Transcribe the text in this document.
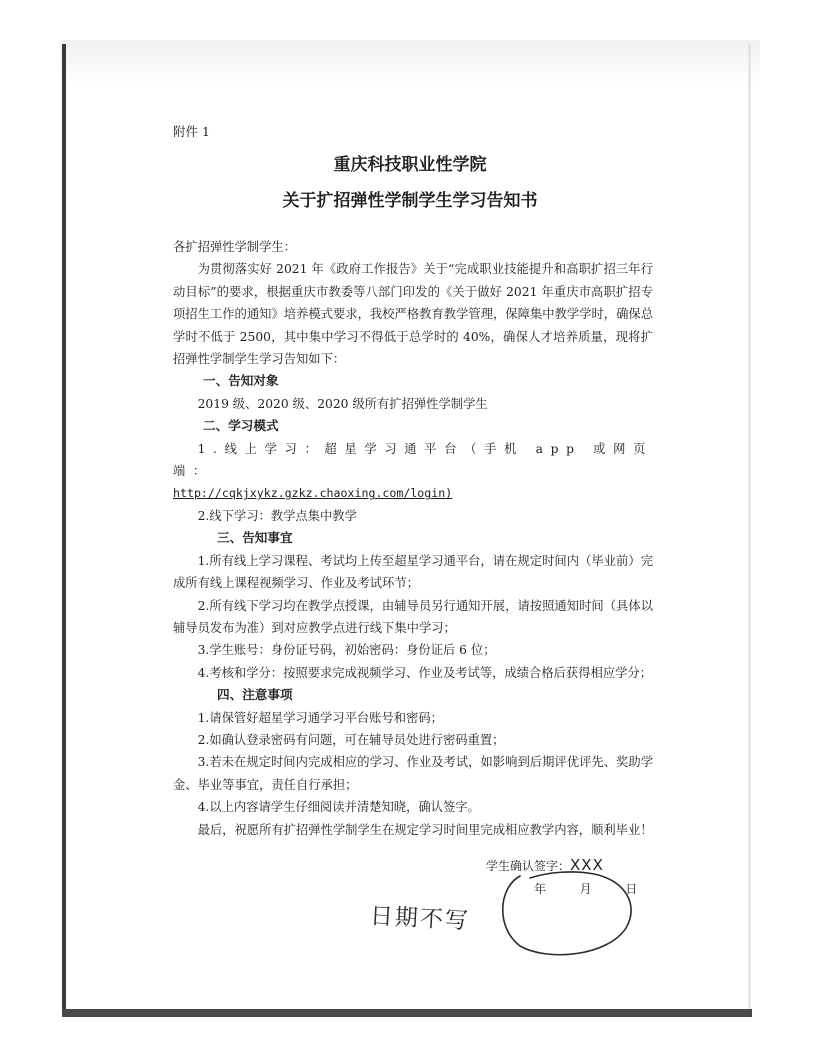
附件 1
重庆科技职业性学院
关于扩招弹性学制学生学习告知书

各扩招弹性学制学生：

为贯彻落实好 2021 年《政府工作报告》关于“完成职业技能提升和高职扩招三年行动目标”的要求，根据重庆市教委等八部门印发的《关于做好 2021 年重庆市高职扩招专项招生工作的通知》培养模式要求，我校严格教育教学管理，保障集中教学学时，确保总学时不低于 2500，其中集中学习不得低于总学时的 40%，确保人才培养质量，现将扩招弹性学制学生学习告知如下：

一、告知对象

2019 级、2020 级、2020 级所有扩招弹性学制学生

二、学习模式

1.线上学习：超星学习通平台（手机 app 或网页端：

http://cqkjxykz.gzkz.chaoxing.com/login)

2.线下学习：教学点集中教学

三、告知事宜

1.所有线上学习课程、考试均上传至超星学习通平台，请在规定时间内（毕业前）完成所有线上课程视频学习、作业及考试环节；

2.所有线下学习均在教学点授课，由辅导员另行通知开展，请按照通知时间（具体以辅导员发布为准）到对应教学点进行线下集中学习；

3.学生账号：身份证号码，初始密码：身份证后 6 位；

4.考核和学分：按照要求完成视频学习、作业及考试等，成绩合格后获得相应学分；

四、注意事项

1.请保管好超星学习通学习平台账号和密码；

2.如确认登录密码有问题，可在辅导员处进行密码重置；

3.若未在规定时间内完成相应的学习、作业及考试，如影响到后期评优评先、奖助学金、毕业等事宜，责任自行承担；

4.以上内容请学生仔细阅读并清楚知晓，确认签字。

最后，祝愿所有扩招弹性学制学生在规定学习时间里完成相应教学内容，顺利毕业！

学生确认签字：XXX
年	月	日
日期不写
